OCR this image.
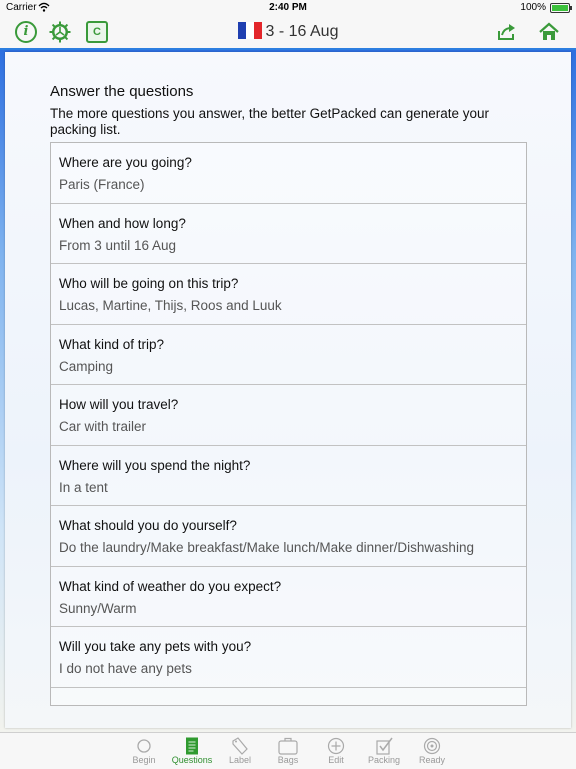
Carrier	2:40 PM	100%
i	C	3 - 16 Aug
Answer the questions
The more questions you answer, the better GetPacked can generate your packing list.
Where are you going?
Paris (France)
When and how long?
From 3 until 16 Aug
Who will be going on this trip?
Lucas, Martine, Thijs, Roos and Luuk
What kind of trip?
Camping
How will you travel?
Car with trailer
Where will you spend the night?
In a tent
What should you do yourself?
Do the laundry/Make breakfast/Make lunch/Make dinner/Dishwashing
What kind of weather do you expect?
Sunny/Warm
Will you take any pets with you?
I do not have any pets
Begin	Questions	Label	Bags	Edit	Packing	Ready
